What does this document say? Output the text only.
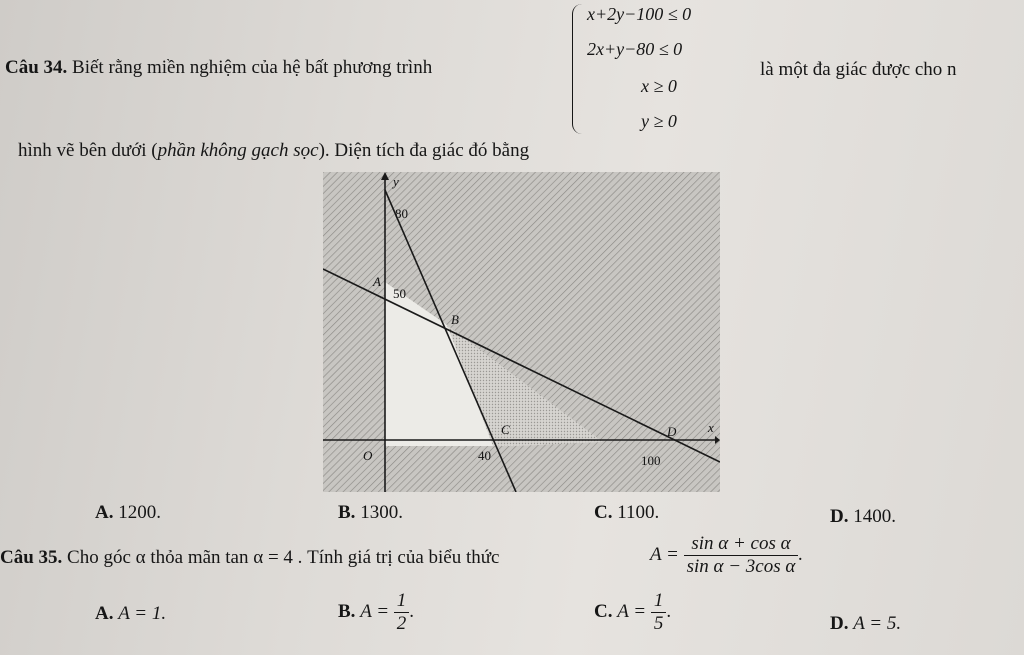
Câu 34. Biết rằng miền nghiệm của hệ bất phương trình
x+2y−100 ≤ 0
2x+y−80 ≤ 0
x ≥ 0
y ≥ 0
là một đa giác được cho n
hình vẽ bên dưới (phần không gạch sọc). Diện tích đa giác đó bằng
y
x
O
80
50
40	100
A
B
C	D
A. 1200.	B. 1300.	C. 1100.	D. 1400.
Câu 35. Cho góc α thỏa mãn tan α = 4 . Tính giá trị của biểu thức	$A = \frac{\text{sin α + cos α}}{\text{sin α − 3cos α}}$ .
A. A = 1.	B. $A = \frac{1}{2}$ .	C. $A = \frac{1}{5}$ .
D. A = 5.
